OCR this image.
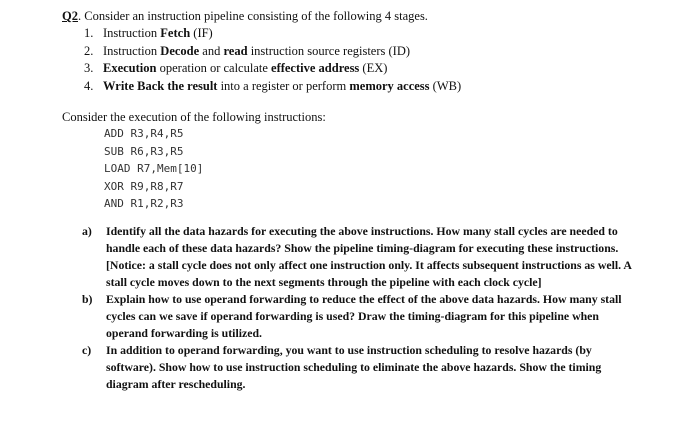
Q2. Consider an instruction pipeline consisting of the following 4 stages.
1. Instruction Fetch (IF)
2. Instruction Decode and read instruction source registers (ID)
3. Execution operation or calculate effective address (EX)
4. Write Back the result into a register or perform memory access (WB)
Consider the execution of the following instructions:
ADD R3,R4,R5
SUB R6,R3,R5
LOAD R7,Mem[10]
XOR R9,R8,R7
AND R1,R2,R3
a)	Identify all the data hazards for executing the above instructions. How many stall cycles are needed to handle each of these data hazards? Show the pipeline timing-diagram for executing these instructions. [Notice: a stall cycle does not only affect one instruction only. It affects subsequent instructions as well. A stall cycle moves down to the next segments through the pipeline with each clock cycle]
b)	Explain how to use operand forwarding to reduce the effect of the above data hazards. How many stall cycles can we save if operand forwarding is used? Draw the timing-diagram for this pipeline when operand forwarding is utilized.
c)	In addition to operand forwarding, you want to use instruction scheduling to resolve hazards (by software). Show how to use instruction scheduling to eliminate the above hazards. Show the timing diagram after rescheduling.
